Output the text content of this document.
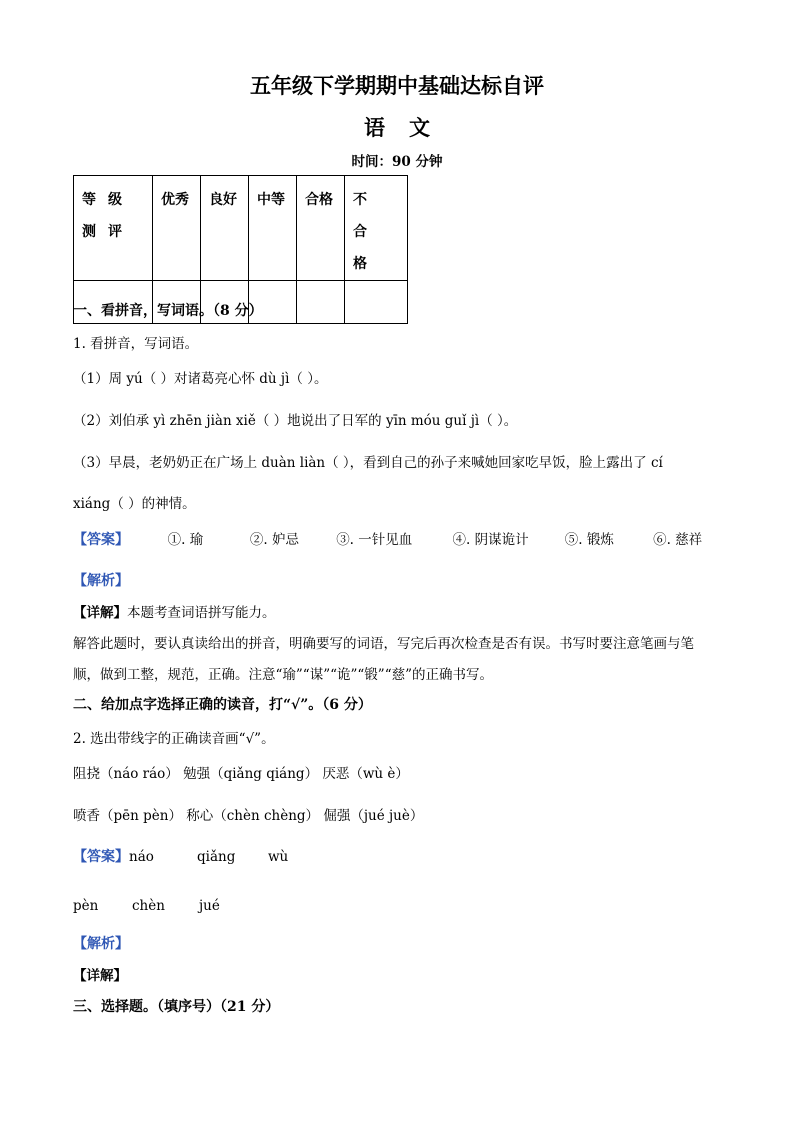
五年级下学期期中基础达标自评
语文
时间：90 分钟
等级测评	优秀	良好	中等	合格	不合格

一、看拼音，写词语。（8 分）
1. 看拼音，写词语。
（1）周 yú（ ）对诸葛亮心怀 dù jì（ ）。
（2）刘伯承 yì zhēn jiàn xiě（ ）地说出了日军的 yīn móu guǐ jì（ ）。
（3）早晨，老奶奶正在广场上 duàn liàn（ ），看到自己的孙子来喊她回家吃早饭，脸上露出了 cí
xiáng（ ）的神情。
【答案】	①. 瑜	②. 妒忌	③. 一针见血	④. 阴谋诡计	⑤. 锻炼	⑥. 慈祥
【解析】
【详解】本题考查词语拼写能力。
解答此题时，要认真读给出的拼音，明确要写的词语，写完后再次检查是否有误。书写时要注意笔画与笔
顺，做到工整，规范，正确。注意“瑜”“谋”“诡”“锻”“慈”的正确书写。
二、给加点字选择正确的读音，打“√”。（6 分）
2. 选出带线字的正确读音画“√”。
阻挠（náo ráo） 勉强（qiǎng qiáng） 厌恶（wù è）
喷香（pēn pèn） 称心（chèn chèng） 倔强（jué juè）
【答案】náo	qiǎng wù
pèn chèn	jué
【解析】
【详解】
三、选择题。（填序号）（21 分）
